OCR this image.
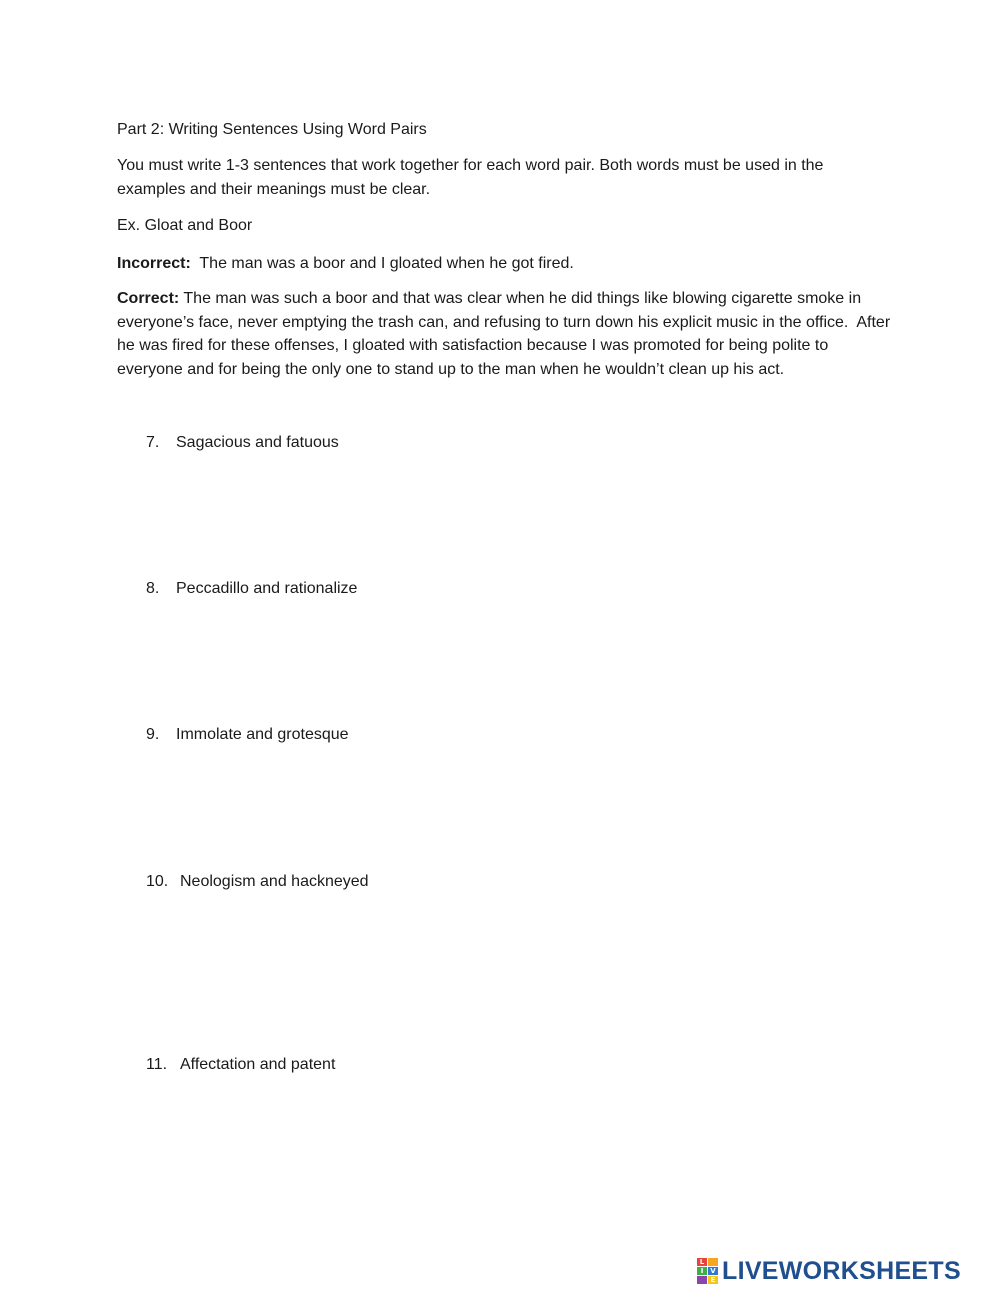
Part 2: Writing Sentences Using Word Pairs

You must write 1-3 sentences that work together for each word pair. Both words must be used in the examples and their meanings must be clear.

Ex. Gloat and Boor

Incorrect:  The man was a boor and I gloated when he got fired.

Correct: The man was such a boor and that was clear when he did things like blowing cigarette smoke in everyone’s face, never emptying the trash can, and refusing to turn down his explicit music in the office.  After he was fired for these offenses, I gloated with satisfaction because I was promoted for being polite to everyone and for being the only one to stand up to the man when he wouldn’t clean up his act.

7. Sagacious and fatuous
8. Peccadillo and rationalize
9. Immolate and grotesque
10. Neologism and hackneyed
11. Affectation and patent
L
I V
E LIVEWORKSHEETS
